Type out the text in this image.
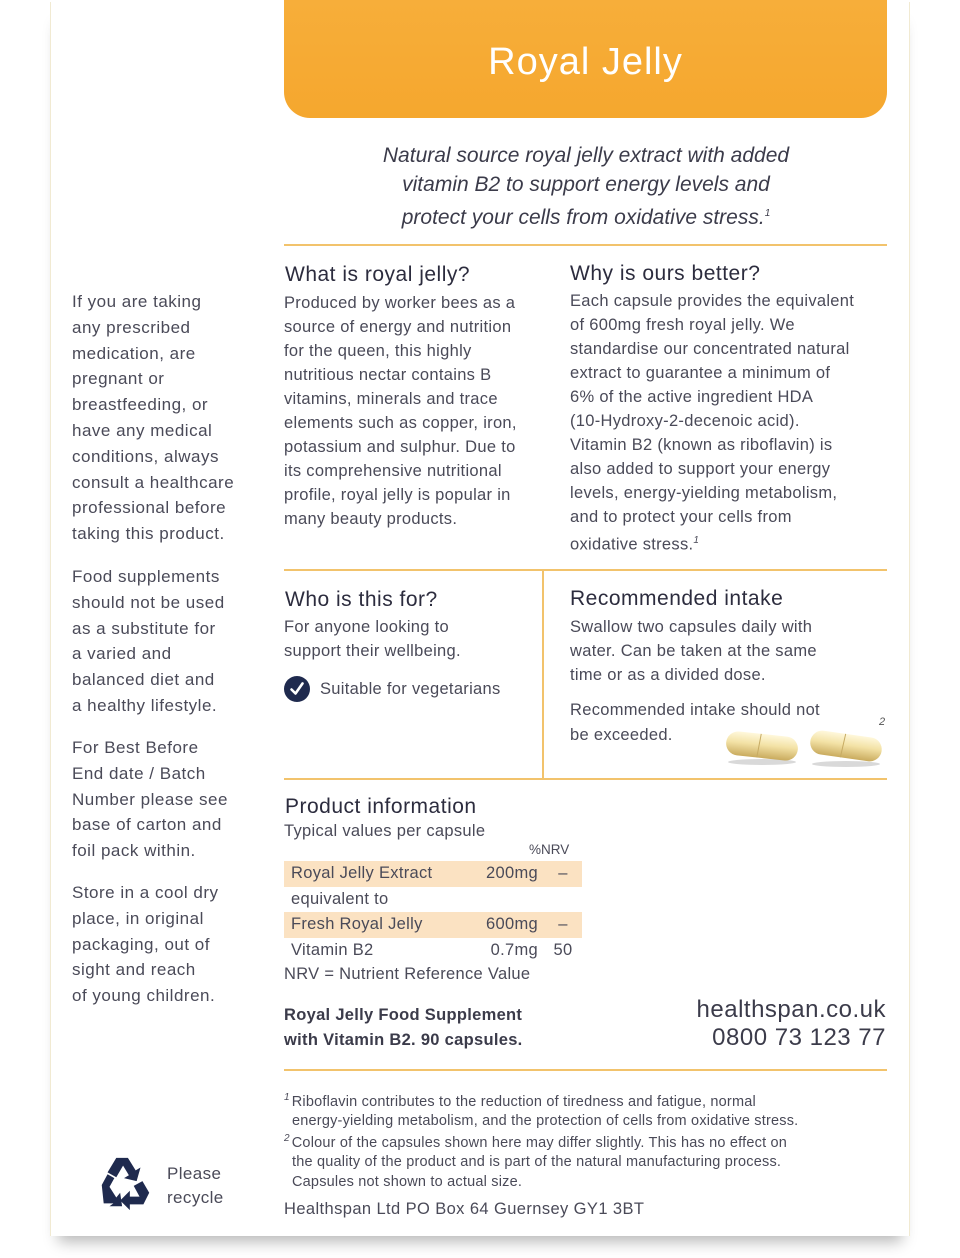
Royal Jelly
Natural source royal jelly extract with added
vitamin B2 to support energy levels and
protect your cells from oxidative stress.$^1$
If you are taking
any prescribed
medication, are
pregnant or
breastfeeding, or
have any medical
conditions, always
consult a healthcare
professional before
taking this product.
Food supplements
should not be used
as a substitute for
a varied and
balanced diet and
a healthy lifestyle.
For Best Before
End date / Batch
Number please see
base of carton and
foil pack within.
Store in a cool dry
place, in original
packaging, out of
sight and reach
of young children.
What is royal jelly?
Produced by worker bees as a
source of energy and nutrition
for the queen, this highly
nutritious nectar contains B
vitamins, minerals and trace
elements such as copper, iron,
potassium and sulphur. Due to
its comprehensive nutritional
profile, royal jelly is popular in
many beauty products.
Why is ours better?
Each capsule provides the equivalent
of 600mg fresh royal jelly. We
standardise our concentrated natural
extract to guarantee a minimum of
6% of the active ingredient HDA
(10-Hydroxy-2-decenoic acid).
Vitamin B2 (known as riboflavin) is
also added to support your energy
levels, energy-yielding metabolism,
and to protect your cells from
oxidative stress.$^1$
Who is this for?
For anyone looking to
support their wellbeing.
Suitable for vegetarians
Recommended intake
Swallow two capsules daily with
water. Can be taken at the same
time or as a divided dose.
Recommended intake should not
be exceeded.
2
Product information
Typical values per capsule
%NRV
Royal Jelly Extract	200mg	–
equivalent to
Fresh Royal Jelly	600mg	–
Vitamin B2	0.7mg 50
NRV = Nutrient Reference Value
Royal Jelly Food Supplement
with Vitamin B2. 90 capsules.
healthspan.co.uk
0800 73 123 77
$^1$ Riboflavin contributes to the reduction of tiredness and fatigue, normal
energy-yielding metabolism, and the protection of cells from oxidative stress.
$^2$ Colour of the capsules shown here may differ slightly. This has no effect on
the quality of the product and is part of the natural manufacturing process.
Capsules not shown to actual size.
Please
recycle
Healthspan Ltd PO Box 64 Guernsey GY1 3BT
